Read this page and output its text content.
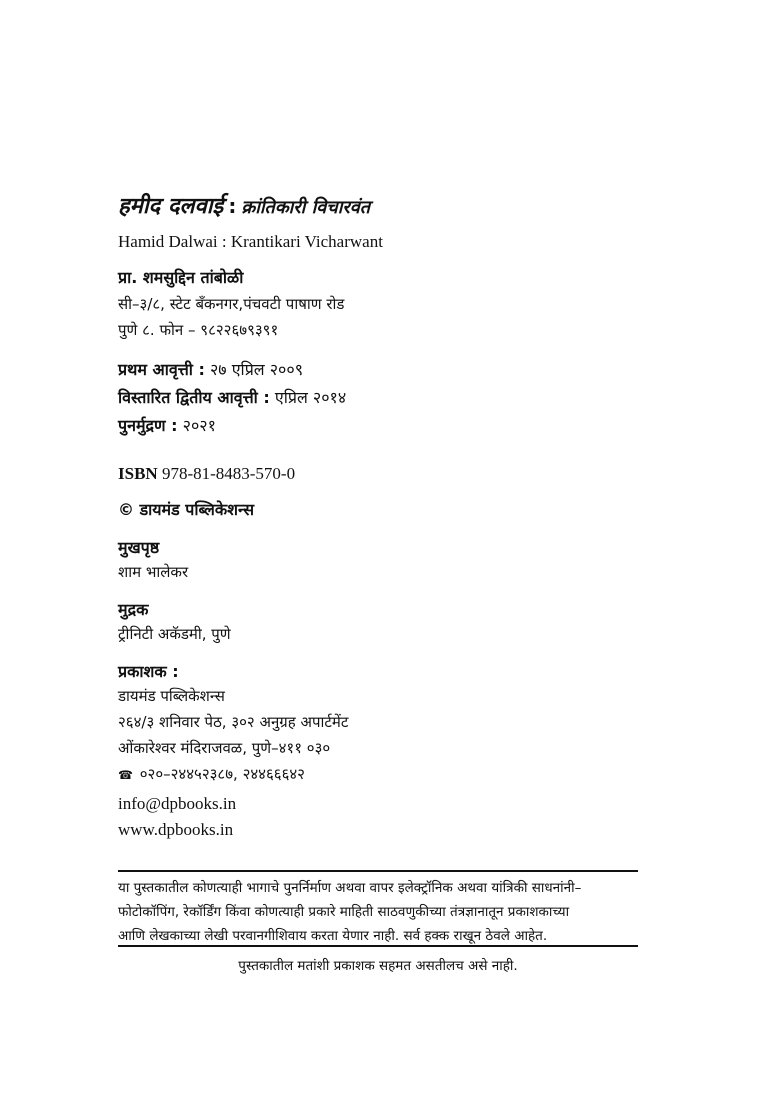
हमीद दलवाई : क्रांतिकारी विचारवंत
Hamid Dalwai : Krantikari Vicharwant
प्रा. शमसुद्दिन तांबोळी
सी–३/८, स्टेट बँकनगर,पंचवटी पाषाण रोड
पुणे ८. फोन – ९८२२६७९३९१
प्रथम आवृत्ती : २७ एप्रिल २००९
विस्तारित द्वितीय आवृत्ती : एप्रिल २०१४
पुनर्मुद्रण : २०२१
ISBN 978-81-8483-570-0
© डायमंड पब्लिकेशन्स
मुखपृष्ठ
शाम भालेकर
मुद्रक
ट्रीनिटी अकॅडमी, पुणे
प्रकाशक :
डायमंड पब्लिकेशन्स
२६४/३ शनिवार पेठ, ३०२ अनुग्रह अपार्टमेंट
ओंकारेश्वर मंदिराजवळ, पुणे–४११ ०३०
☎ ०२०–२४४५२३८७, २४४६६६४२
info@dpbooks.in
www.dpbooks.in
या पुस्तकातील कोणत्याही भागाचे पुनर्निर्माण अथवा वापर इलेक्ट्रॉनिक अथवा यांत्रिकी साधनांनी–
फोटोकॉपिंग, रेकॉर्डिंग किंवा कोणत्याही प्रकारे माहिती साठवणुकीच्या तंत्रज्ञानातून प्रकाशकाच्या
आणि लेखकाच्या लेखी परवानगीशिवाय करता येणार नाही. सर्व हक्क राखून ठेवले आहेत.
पुस्तकातील मतांशी प्रकाशक सहमत असतीलच असे नाही.
